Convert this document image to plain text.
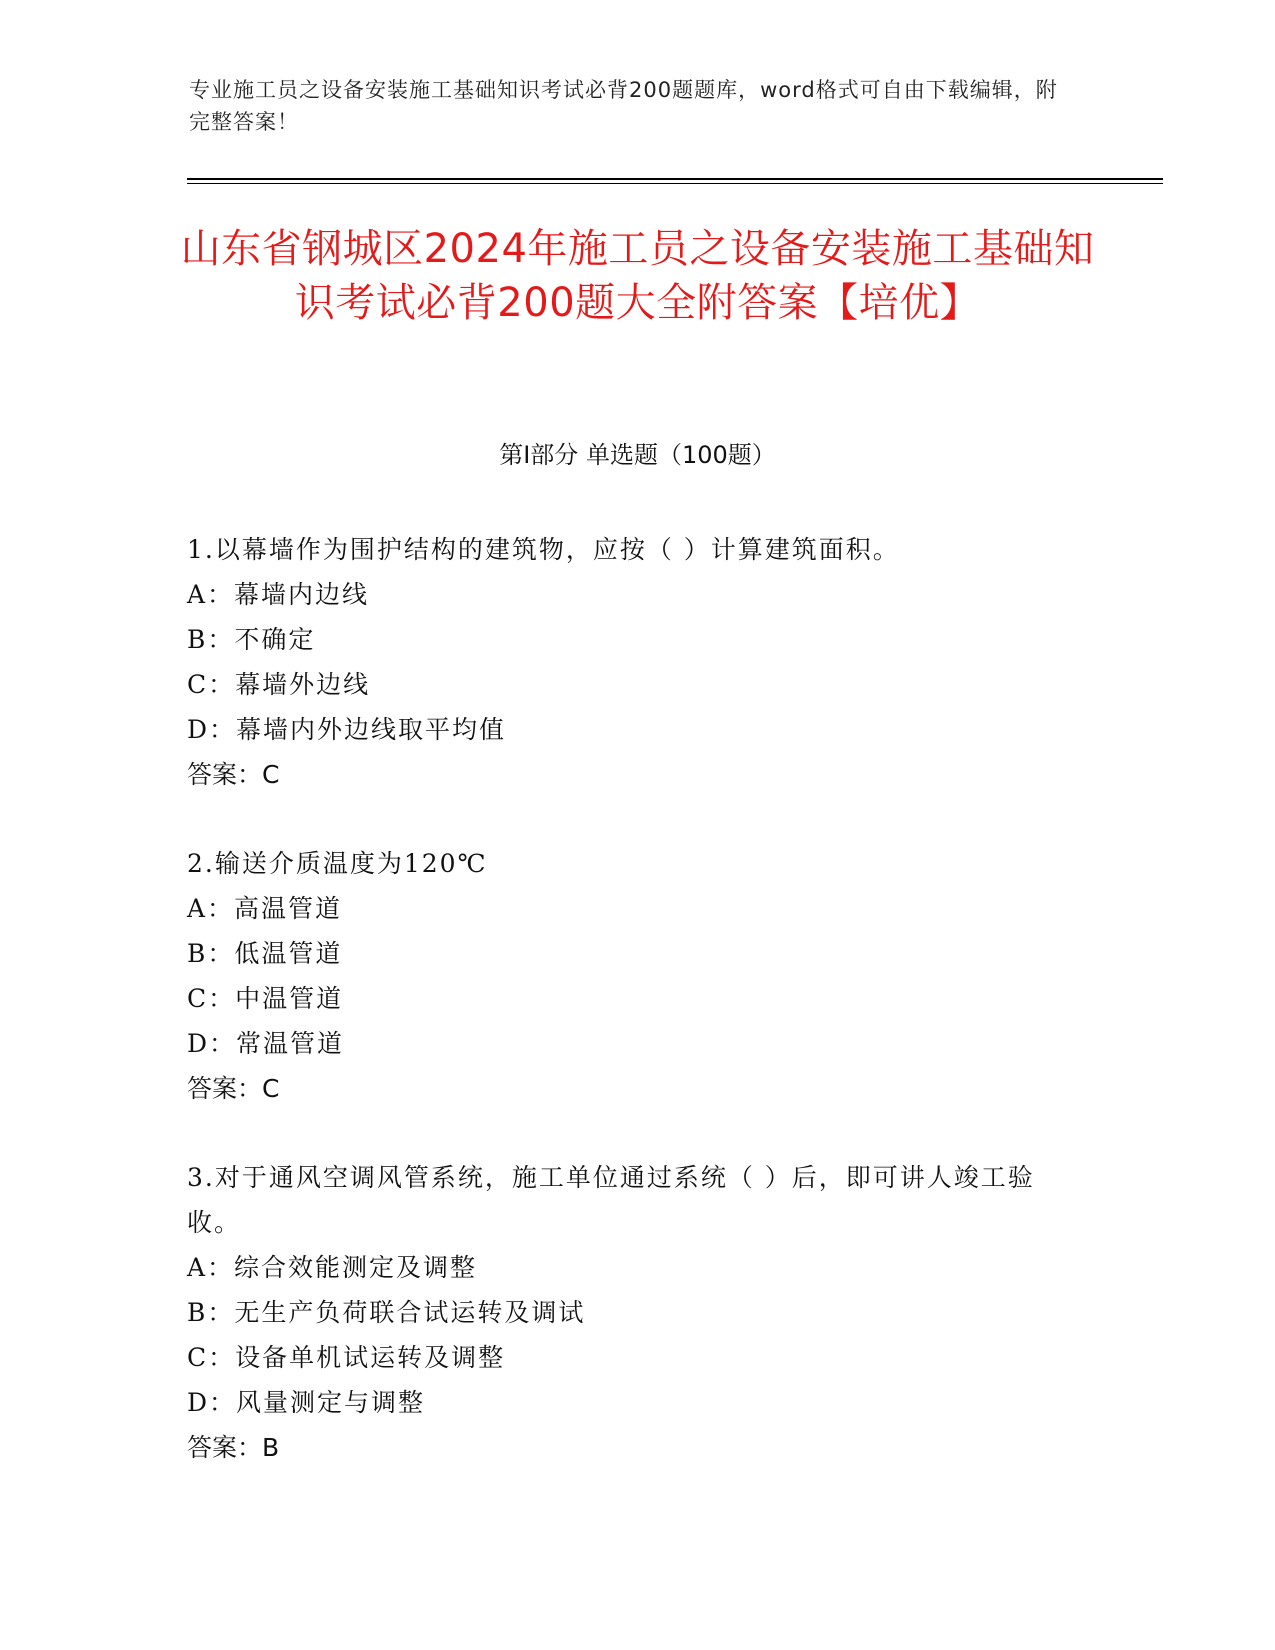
专业施工员之设备安装施工基础知识考试必背200题题库，word格式可自由下载编辑，附完整答案！
山东省钢城区2024年施工员之设备安装施工基础知识考试必背200题大全附答案【培优】
第I部分 单选题（100题）

1.以幕墙作为围护结构的建筑物，应按（ ）计算建筑面积。

A：幕墙内边线

B：不确定

C：幕墙外边线

D：幕墙内外边线取平均值

答案：C

2.输送介质温度为120℃

A：高温管道

B：低温管道

C：中温管道

D：常温管道

答案：C

3.对于通风空调风管系统，施工单位通过系统（ ）后，即可讲人竣工验收。

A：综合效能测定及调整

B：无生产负荷联合试运转及调试

C：设备单机试运转及调整

D：风量测定与调整

答案：B
